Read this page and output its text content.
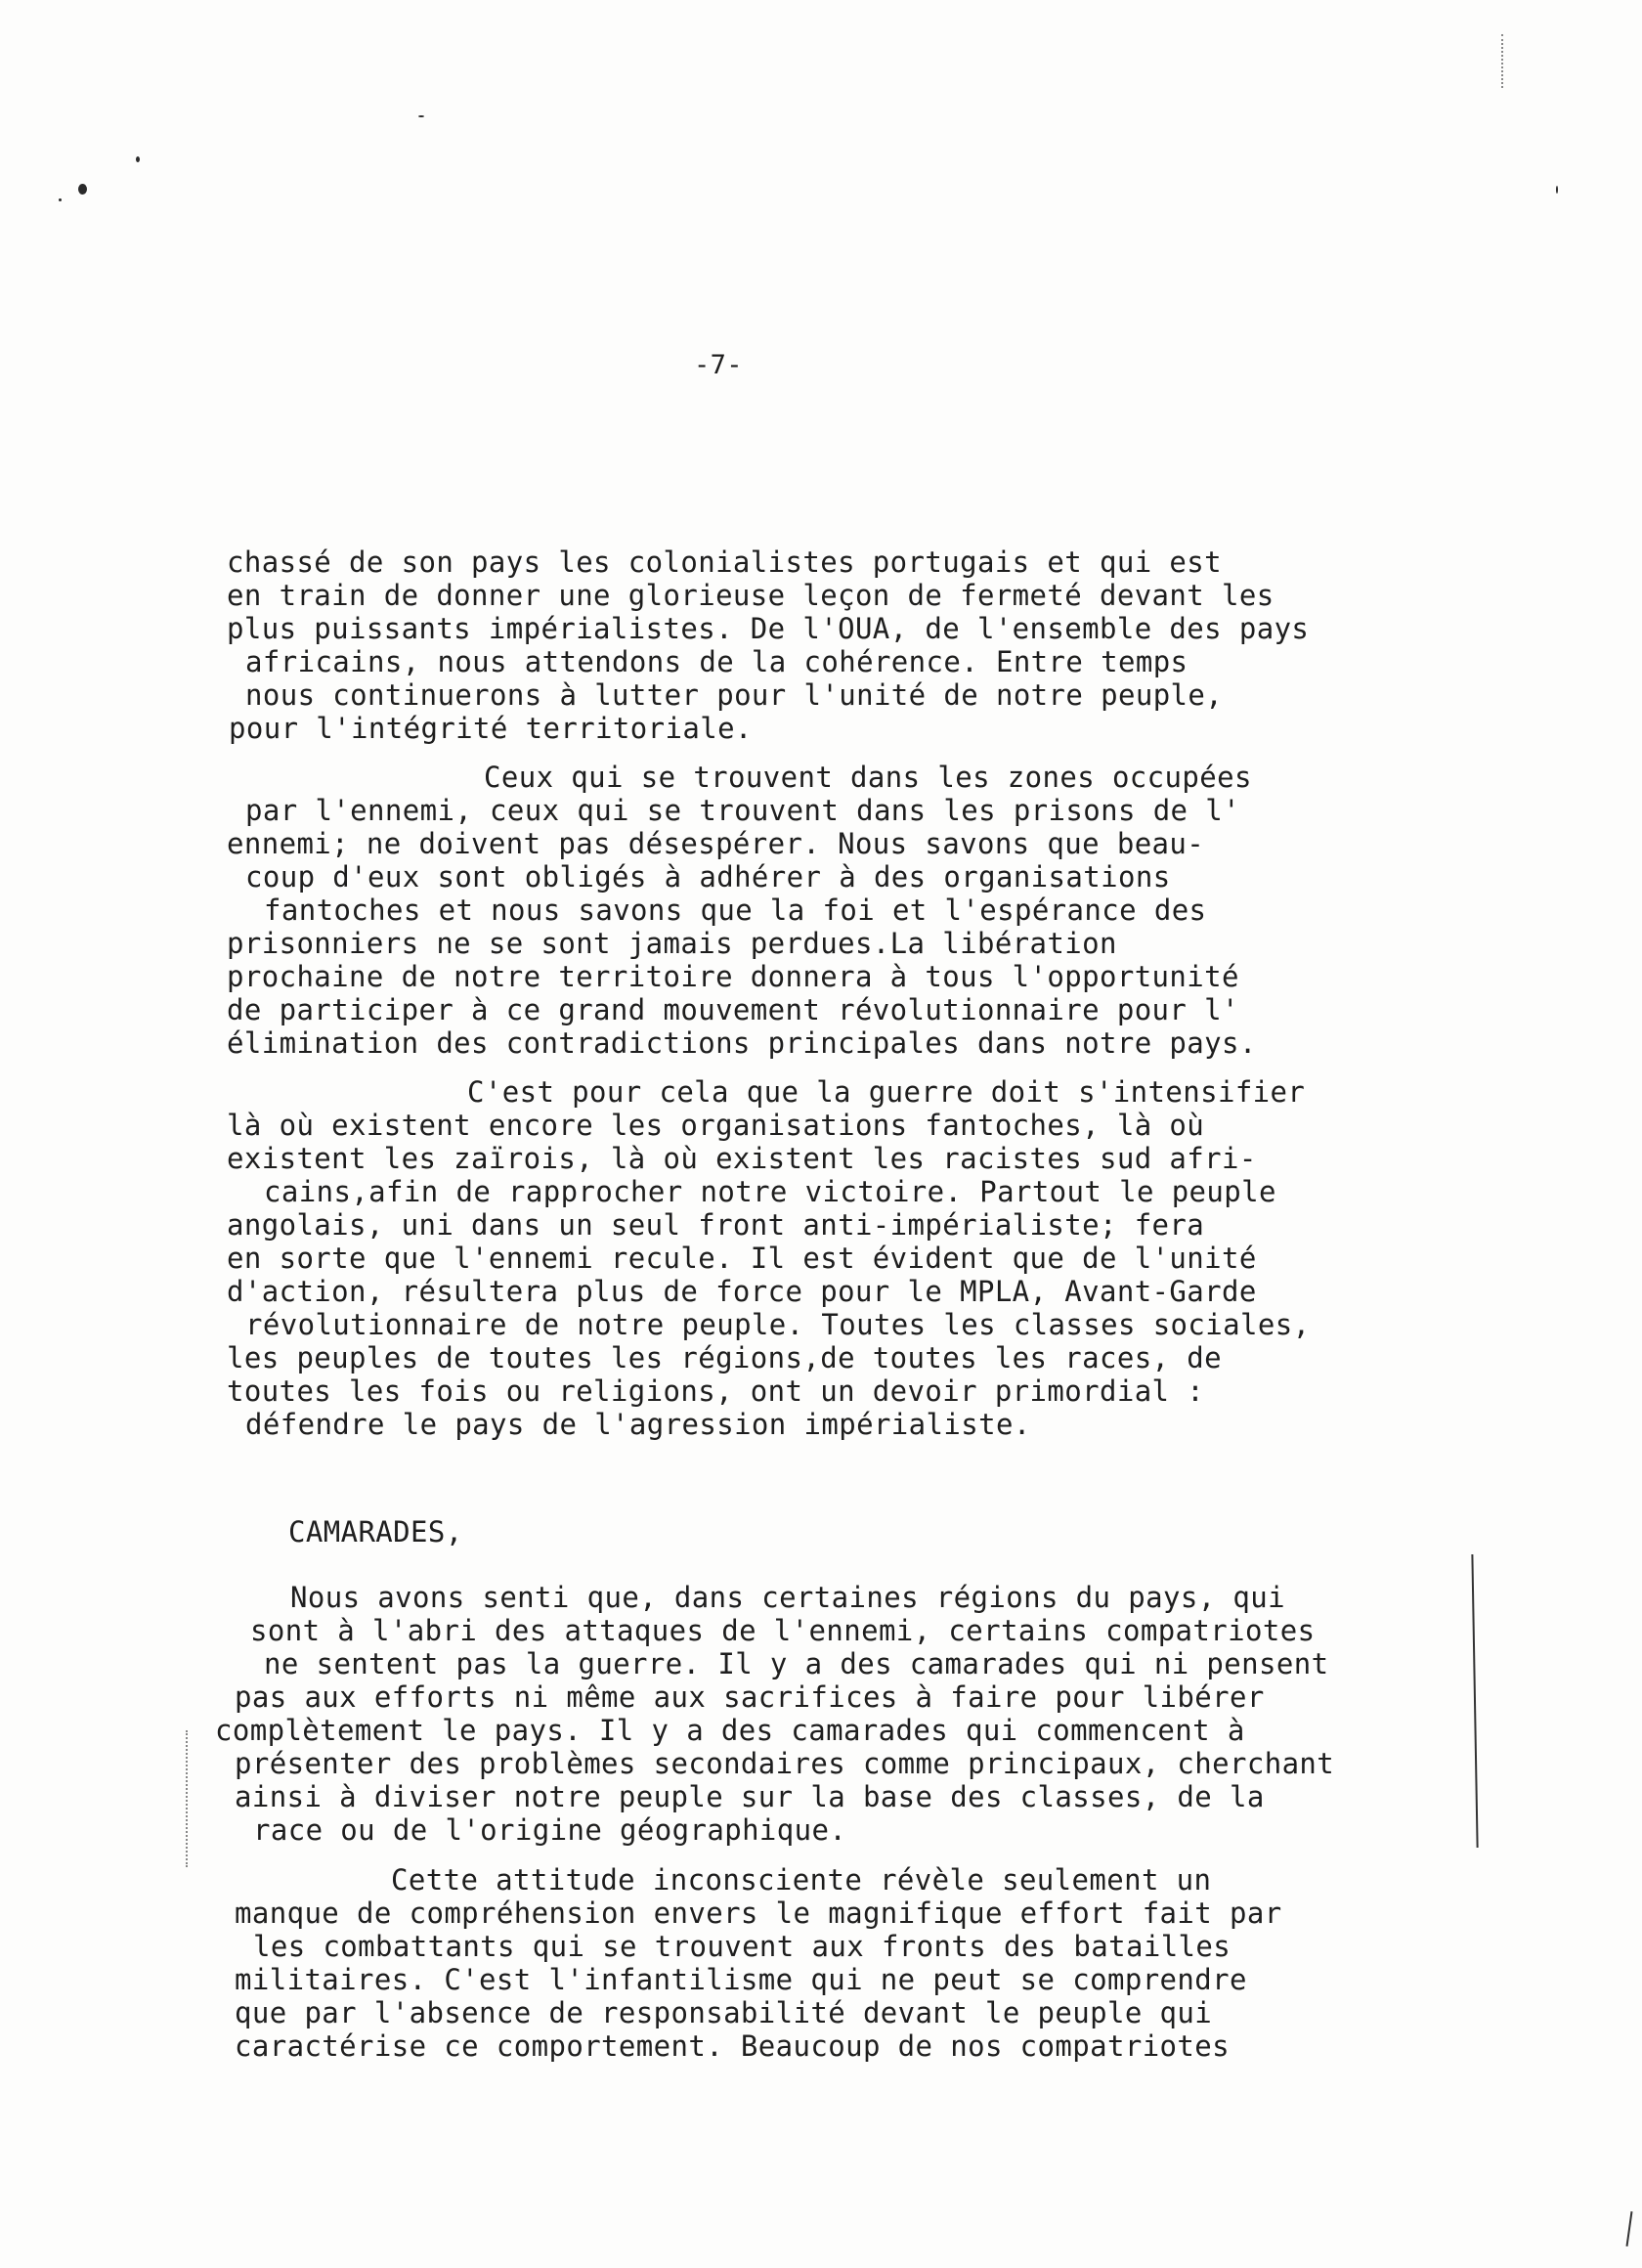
-7-
chassé de son pays les colonialistes portugais et qui est
en train de donner une glorieuse leçon de fermeté devant les
plus puissants impérialistes. De l'OUA, de l'ensemble des pays
africains, nous attendons de la cohérence. Entre temps
nous continuerons à lutter pour l'unité de notre peuple,
pour l'intégrité territoriale.
Ceux qui se trouvent dans les zones occupées
par l'ennemi, ceux qui se trouvent dans les prisons de l'
ennemi; ne doivent pas désespérer. Nous savons que beau-
coup d'eux sont obligés à adhérer à des organisations
fantoches et nous savons que la foi et l'espérance des
prisonniers ne se sont jamais perdues.La libération
prochaine de notre territoire donnera à tous l'opportunité
de participer à ce grand mouvement révolutionnaire pour l'
élimination des contradictions principales dans notre pays.
C'est pour cela que la guerre doit s'intensifier
là où existent encore les organisations fantoches, là où
existent les zaïrois, là où existent les racistes sud afri-
cains,afin de rapprocher notre victoire. Partout le peuple
angolais, uni dans un seul front anti-impérialiste; fera
en sorte que l'ennemi recule. Il est évident que de l'unité
d'action, résultera plus de force pour le MPLA, Avant-Garde
révolutionnaire de notre peuple. Toutes les classes sociales,
les peuples de toutes les régions,de toutes les races, de
toutes les fois ou religions, ont un devoir primordial :
défendre le pays de l'agression impérialiste.
CAMARADES,
Nous avons senti que, dans certaines régions du pays, qui
sont à l'abri des attaques de l'ennemi, certains compatriotes
ne sentent pas la guerre. Il y a des camarades qui ni pensent
pas aux efforts ni même aux sacrifices à faire pour libérer
complètement le pays. Il y a des camarades qui commencent à
présenter des problèmes secondaires comme principaux, cherchant
ainsi à diviser notre peuple sur la base des classes, de la
race ou de l'origine géographique.
Cette attitude inconsciente révèle seulement un
manque de compréhension envers le magnifique effort fait par
les combattants qui se trouvent aux fronts des batailles
militaires. C'est l'infantilisme qui ne peut se comprendre
que par l'absence de responsabilité devant le peuple qui
caractérise ce comportement. Beaucoup de nos compatriotes
